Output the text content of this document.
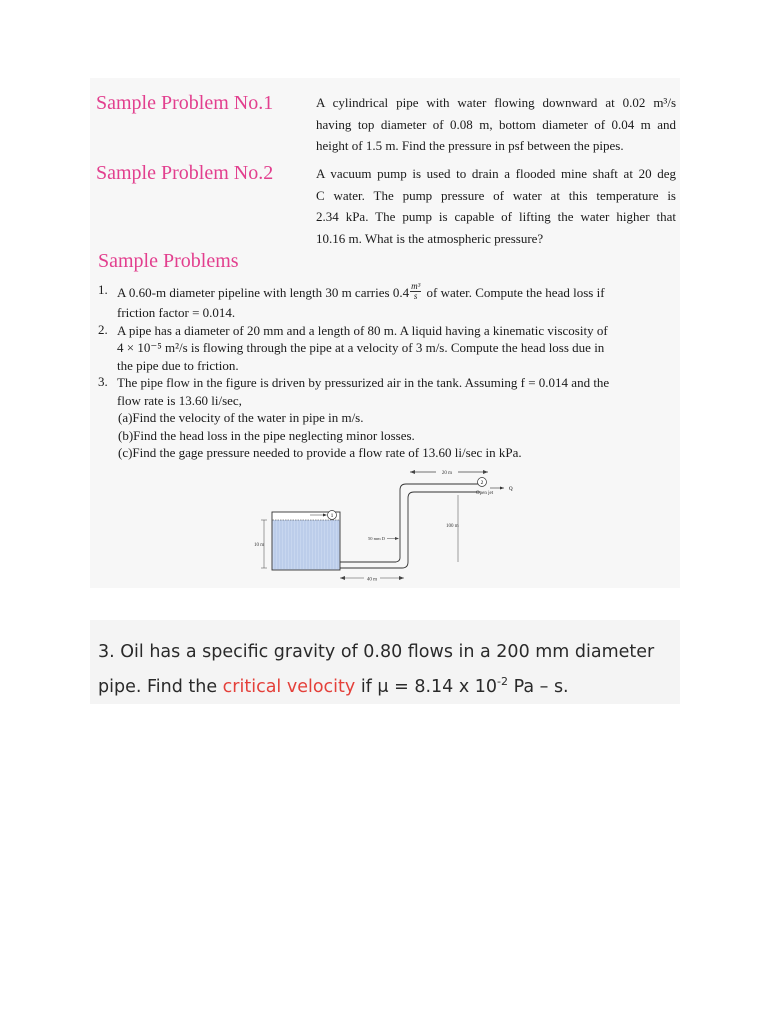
Sample Problem No.1	A cylindrical pipe with water flowing downward at 0.02 m³/s
having top diameter of 0.08 m, bottom diameter of 0.04 m and
height of 1.5 m. Find the pressure in psf between the pipes.
Sample Problem No.2	A vacuum pump is used to drain a flooded mine shaft at 20 deg
C water. The pump pressure of water at this temperature is
2.34 kPa. The pump is capable of lifting the water higher that
10.16 m. What is the atmospheric pressure?
Sample Problems
1. A 0.60-m diameter pipeline with length 30 m carries $0.4 \frac{\text{m³}}{s}$ of water. Compute the head loss if
friction factor = 0.014.
2. A pipe has a diameter of 20 mm and a length of 80 m. A liquid having a kinematic viscosity of
4 × 10⁻⁵ m²/s is flowing through the pipe at a velocity of 3 m/s. Compute the head loss due in
the pipe due to friction.
3. The pipe flow in the figure is driven by pressurized air in the tank. Assuming f = 0.014 and the
flow rate is 13.60 li/sec,
(a)Find the velocity of the water in pipe in m/s.
(b)Find the head loss in the pipe neglecting minor losses.
(c)Find the gage pressure needed to provide a flow rate of 13.60 li/sec in kPa.
20 m
2
Open jet
Q
100 m
50 mm D
1
10 m
40 m
3. Oil has a specific gravity of 0.80 flows in a 200 mm diameter
pipe. Find the critical velocity if μ = 8.14 x $10^{-2}$ Pa – s.
